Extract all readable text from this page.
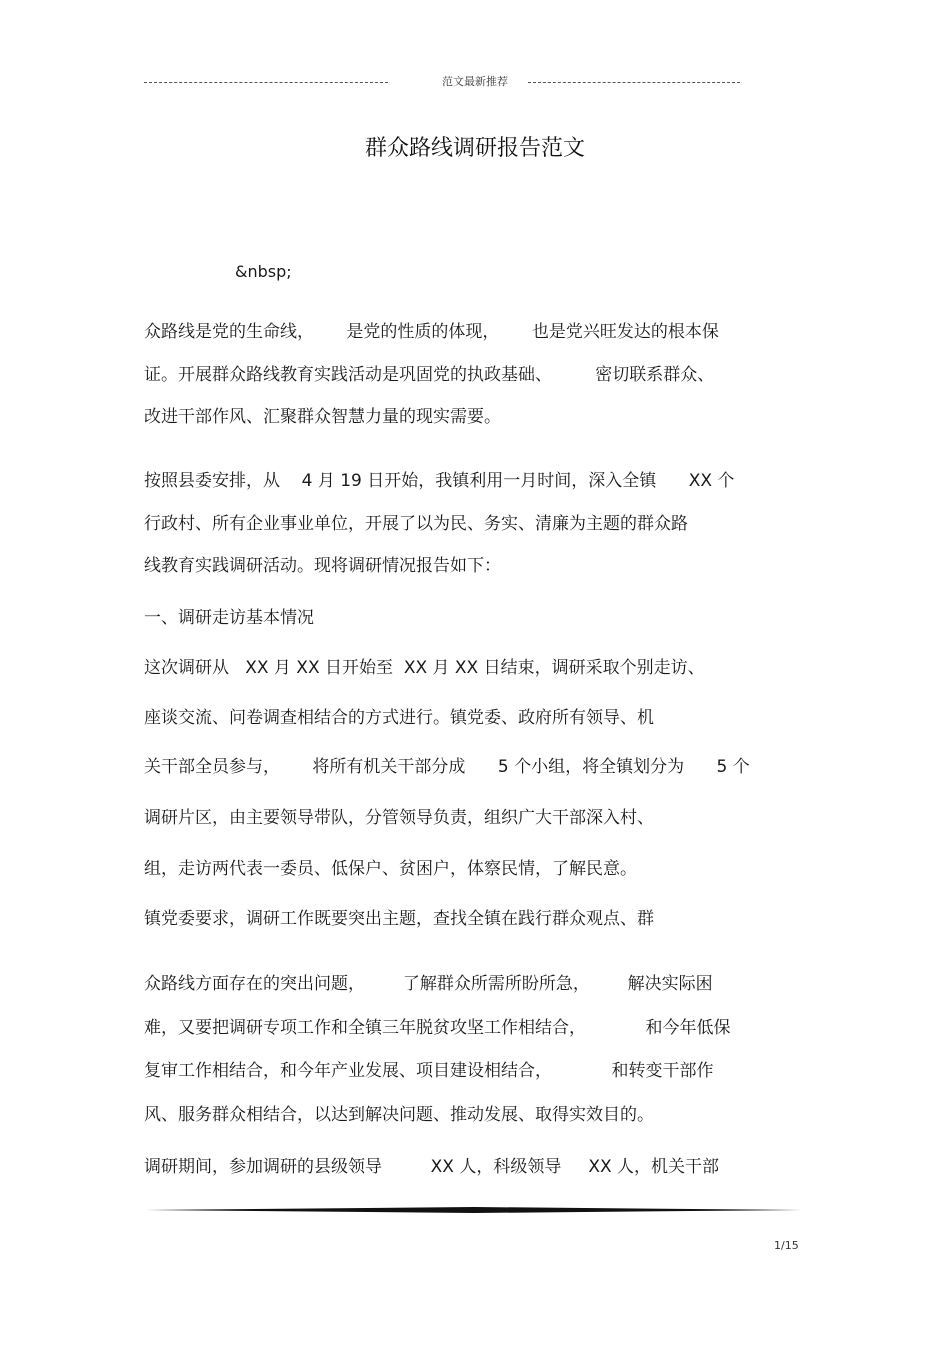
范文最新推荐
群众路线调研报告范文
&nbsp;
众路线是党的生命线，      是党的性质的体现，      也是党兴旺发达的根本保
证。开展群众路线教育实践活动是巩固党的执政基础、        密切联系群众、
改进干部作风、汇聚群众智慧力量的现实需要。
按照县委安排，从    4 月 19 日开始，我镇利用一月时间，深入全镇      XX 个
行政村、所有企业事业单位，开展了以为民、务实、清廉为主题的群众路
线教育实践调研活动。现将调研情况报告如下：
一、调研走访基本情况
这次调研从   XX 月 XX 日开始至  XX 月 XX 日结束，调研采取个别走访、
座谈交流、问卷调查相结合的方式进行。镇党委、政府所有领导、机
关干部全员参与，      将所有机关干部分成      5 个小组，将全镇划分为      5 个
调研片区，由主要领导带队，分管领导负责，组织广大干部深入村、
组，走访两代表一委员、低保户、贫困户，体察民情，了解民意。
镇党委要求，调研工作既要突出主题，查找全镇在践行群众观点、群
众路线方面存在的突出问题，       了解群众所需所盼所急，       解决实际困
难，又要把调研专项工作和全镇三年脱贫攻坚工作相结合，           和今年低保
复审工作相结合，和今年产业发展、项目建设相结合，           和转变干部作
风、服务群众相结合，以达到解决问题、推动发展、取得实效目的。
调研期间，参加调研的县级领导         XX 人，科级领导     XX 人，机关干部
1/15
